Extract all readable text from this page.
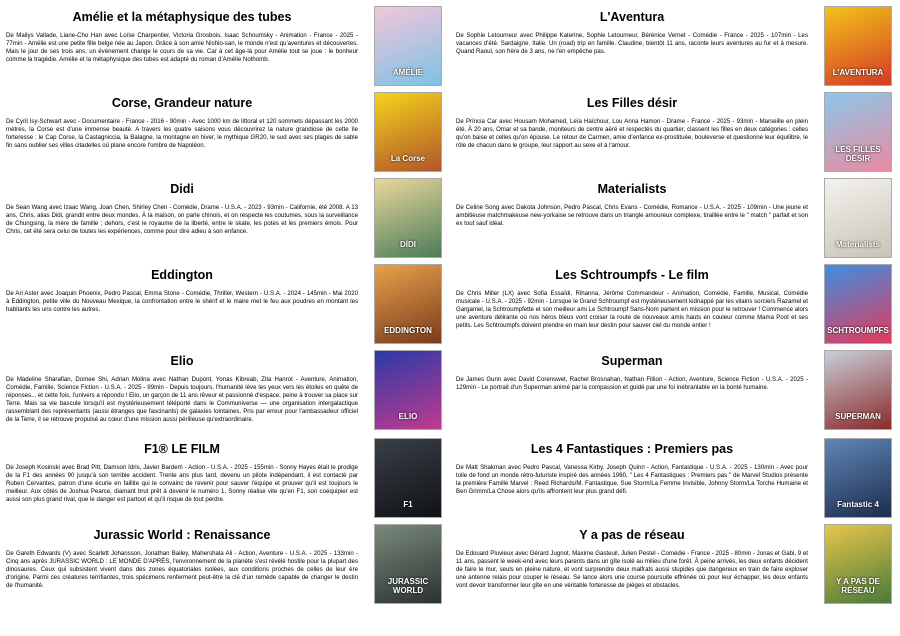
Amélie et la métaphysique des tubes

De Mailys Vallade, Liane-Cho Han avec Loïse Charpentier, Victoria Grosbois, Isaac Schoumsky - Animation - France - 2025 - 77min - Amélie est une petite fille belge née au Japon. Grâce à son amie Nishio-san, le monde n'est qu'aventures et découvertes. Mais le jour de ses trois ans, un événement change le cours de sa vie. Car à cet âge-là pour Amélie tout se joue : le bonheur comme la tragédie. Amélie et la métaphysique des tubes est adapté du roman d'Amélie Nothomb.

AMÉLIE
Corse, Grandeur nature

De Cyril Isy-Schwart avec - Documentaire - France - 2016 - 90min - Avec 1000 km de littoral et 120 sommets dépassant les 2000 mètres, la Corse est d'une immense beauté. A travers les quatre saisons vous découvrirez la nature grandiose de cette île forteresse : le Cap Corse, la Castagniccia, la Balagne, la montagne en hiver, le mythique GR20, le sud avec ses plages de sable fin sans oublier ses villes citadelles où plane encore l'ombre de Napoléon.

La Corse
Didi

De Sean Wang avec Izaac Wang, Joan Chen, Shirley Chen - Comédie, Drame - U.S.A. - 2023 - 93min - Californie, été 2008. A 13 ans, Chris, alias Didi, grandit entre deux mondes. À la maison, on parle chinois, et on respecte les coutumes, sous la surveillance de Chungsing, la mère de famille ; dehors, c'est le royaume de la liberté, entre le skate, les potes et les premiers émois. Pour Chris, cet été sera celui de toutes les expériences, comme pour dire adieu à son enfance.

DÌDI
Eddington

De Ari Aster avec Joaquin Phoenix, Pedro Pascal, Emma Stone - Comédie, Thriller, Western - U.S.A. - 2024 - 145min - Mai 2020 à Eddington, petite ville du Nouveau Mexique, la confrontation entre le shérif et le maire met le feu aux poudres en montant les habitants les uns contre les autres.

EDDINGTON
Elio

De Madeline Sharafian, Domee Shi, Adrian Molina avec Nathan Dupont, Yonas Kibreab, Zita Hanrot - Aventure, Animation, Comédie, Famille, Science Fiction - U.S.A. - 2025 - 99min - Depuis toujours, l'humanité lève les yeux vers les étoiles en quête de réponses... et cette fois, l'univers a répondu ! Elio, un garçon de 11 ans rêveur et passionné d'espace, peine à trouver sa place sur Terre. Mais sa vie bascule lorsqu'il est mystérieusement téléporté dans le Communiverse — une organisation intergalactique rassemblant des représentants (aussi étranges que fascinants) de galaxies lointaines. Pris par erreur pour l'ambassadeur officiel de la Terre, il se retrouve propulsé au cœur d'une mission aussi périlleuse qu'extraordinaire.	ELIO
F1® LE FILM

De Joseph Kosinski avec Brad Pitt, Damson Idris, Javier Bardem - Action - U.S.A. - 2025 - 155min - Sonny Hayes était le prodige de la F1 des années 90 jusqu'à son terrible accident. Trente ans plus tard, devenu un pilote indépendant, il est contacté par Ruben Cervantes, patron d'une écurie en faillite qui le convainc de revenir pour sauver l'équipe et prouver qu'il est toujours le meilleur. Aux côtés de Joshua Pearce, diamant brut prêt à devenir le numéro 1, Sonny réalise vite qu'en F1, son coéquipier est aussi son plus grand rival, que le danger est partout et qu'il risque de tout perdre.

F1
Jurassic World : Renaissance

De Gareth Edwards (V) avec Scarlett Johansson, Jonathan Bailey, Mahershala Ali - Action, Aventure - U.S.A. - 2025 - 133min - Cinq ans après JURASSIC WORLD : LE MONDE D'APRÈS, l'environnement de la planète s'est révélé hostile pour la plupart des dinosaures. Ceux qui subsistent vivent dans des zones équatoriales isolées, aux conditions proches de celles de leur ère d'origine. Parmi ces créatures terrifiantes, trois spécimens renferment peut-être la clé d'un remède capable de changer le destin de l'humanité.	JURASSIC WORLD
L'Aventura

De Sophie Letourneur avec Philippe Katerine, Sophie Letourneur, Bérénice Vernet - Comédie - France - 2025 - 107min - Les vacances d'été. Sardaigne. Italie. Un (road) trip en famille. Claudine, bientôt 11 ans, raconte leurs aventures au fur et à mesure. Quand Raoul, son frère de 3 ans, ne l'en empêche pas.

L'AVENTURA
Les Filles désir

De Prïncia Car avec Housam Mohamed, Leïa Haïchour, Lou Anna Hamon - Drame - France - 2025 - 93min - Marseille en plein été. À 20 ans, Omar et sa bande, moniteurs de centre aéré et respectés du quartier, classent les filles en deux catégories : celles qu'on baise et celles qu'on épouse. Le retour de Carmen, amie d'enfance ex-prostituée, bouleverse et questionne leur équilibre, le rôle de chacun dans le groupe, leur rapport au sexe et à l'amour.	LES FILLES DÉSIR
Materialists

De Celine Song avec Dakota Johnson, Pedro Pascal, Chris Evans - Comédie, Romance - U.S.A. - 2025 - 109min - Une jeune et ambitieuse matchmakeuse new-yorkaise se retrouve dans un triangle amoureux complexe, tiraillée entre le " match " parfait et son ex tout sauf idéal.

Materialists
Les Schtroumpfs - Le film

De Chris Miller (LX) avec Sofia Essaïdi, Rihanna, Jérôme Commandeur - Animation, Comédie, Famille, Musical, Comédie musicale - U.S.A. - 2025 - 92min - Lorsque le Grand Schtroumpf est mystérieusement kidnappé par les vilains sorciers Razamel et Gargamel, la Schtroumpfette et son meilleur ami Le Schtroumpf Sans-Nom partent en mission pour le retrouver ! Commence alors une aventure délirante où nos héros bleus vont croiser la route de nouveaux amis hauts en couleur comme Mama Poot et ses petits. Les Schtroumpfs doivent prendre en main leur destin pour sauver ciel du monde entier !

SCHTROUMPFS
Superman

De James Gunn avec David Corenswet, Rachel Brosnahan, Nathan Fillion - Action, Aventure, Science Fiction - U.S.A. - 2025 - 129min - Le portrait d'un Superman animé par la compassion et guidé par une foi inébranlable en la bonté humaine.

SUPERMAN
Les 4 Fantastiques : Premiers pas

De Matt Shakman avec Pedro Pascal, Vanessa Kirby, Joseph Quinn - Action, Fantastique - U.S.A. - 2025 - 130min - Avec pour toile de fond un monde rétro-futuriste inspiré des années 1960, " Les 4 Fantastiques : Premiers pas " de Marvel Studios présente la première Famille Marvel : Reed Richards/M. Fantastique, Sue Storm/La Femme Invisible, Johnny Storm/La Torche Humaine et Ben Grimm/La Chose alors qu'ils affrontent leur plus grand défi.

Fantastic 4
Y a pas de réseau

De Edouard Pluvieux avec Gérard Jugnot, Maxime Gasteuil, Julien Pestel - Comédie - France - 2025 - 80min - Jonas et Gabi, 9 et 11 ans, passent le week-end avec leurs parents dans un gîte isolé au milieu d'une forêt. À peine arrivés, les deux enfants décident de faire le mur, seuls en pleine nature, et vont surprendre deux malfrats aussi stupides que dangereux en train de faire exploser une antenne relais pour couper le réseau. Se lance alors une course poursuite effrénée où pour leur échapper, les deux enfants vont devoir transformer leur gîte en une véritable forteresse de pièges et obstacles.	Y A PAS DE RÉSEAU
